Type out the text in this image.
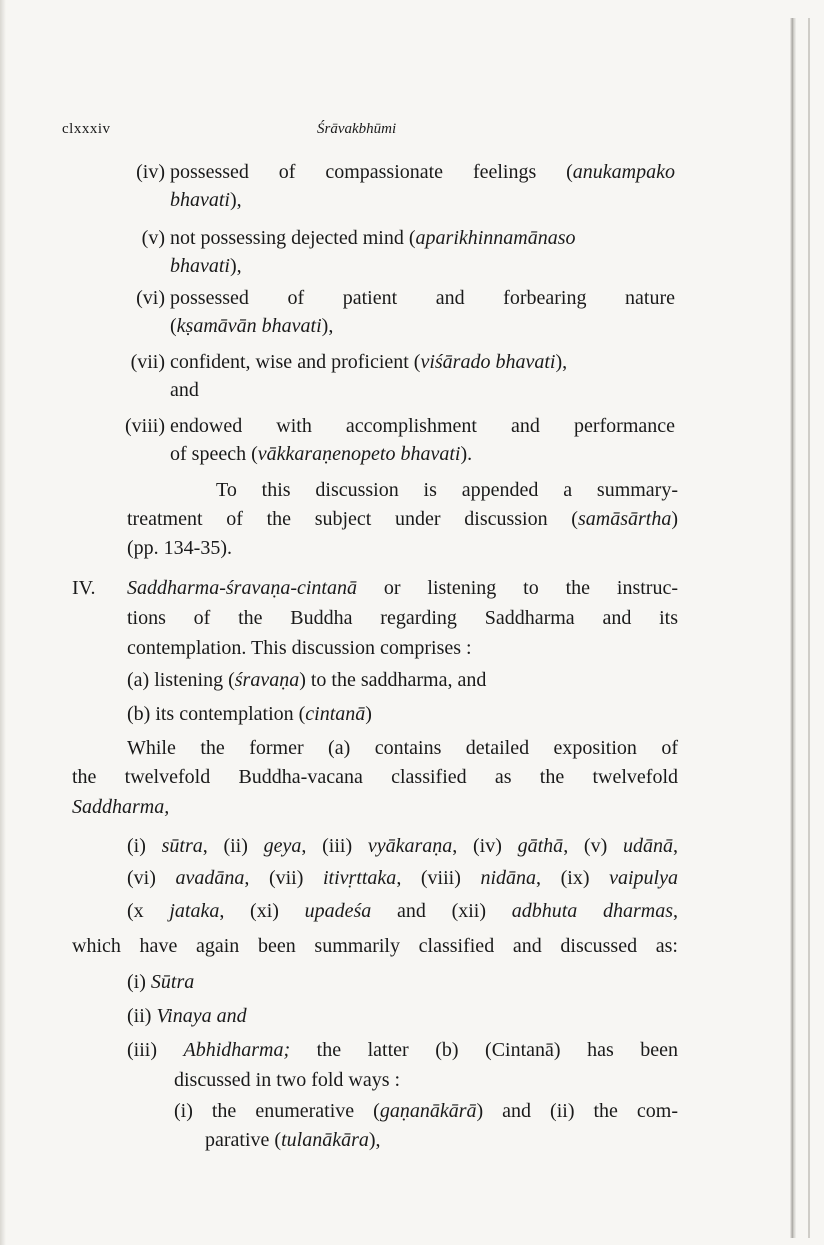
clxxxiv	Śrāvakbhūmi
(iv) possessed of compassionate feelings (anukampako
bhavati),
(v) not possessing dejected mind (aparikhinnamānaso
bhavati),
(vi) possessed of patient and forbearing nature
(kṣamāvān bhavati),
(vii) confident, wise and proficient (viśārado bhavati),
and
(viii) endowed with accomplishment and performance
of speech (vākkaraṇenopeto bhavati).
To this discussion is appended a summary-
treatment of the subject under discussion (samāsārtha)
(pp. 134-35).
IV. Saddharma-śravaṇa-cintanā or listening to the instruc-
tions of the Buddha regarding Saddharma and its
contemplation. This discussion comprises :
(a) listening (śravaṇa) to the saddharma, and
(b) its contemplation (cintanā)
While the former (a) contains detailed exposition of
the twelvefold Buddha-vacana classified as the twelvefold
Saddharma,
(i) sūtra, (ii) geya, (iii) vyākaraṇa, (iv) gāthā, (v) udānā,
(vi) avadāna, (vii) itivṛttaka, (viii) nidāna, (ix) vaipulya
(x jataka, (xi) upadeśa and (xii) adbhuta dharmas,
which have again been summarily classified and discussed as:
(i) Sūtra
(ii) Vinaya and
(iii) Abhidharma; the latter (b) (Cintanā) has been
discussed in two fold ways :
(i) the enumerative (gaṇanākārā) and (ii) the com-
parative (tulanākāra),
